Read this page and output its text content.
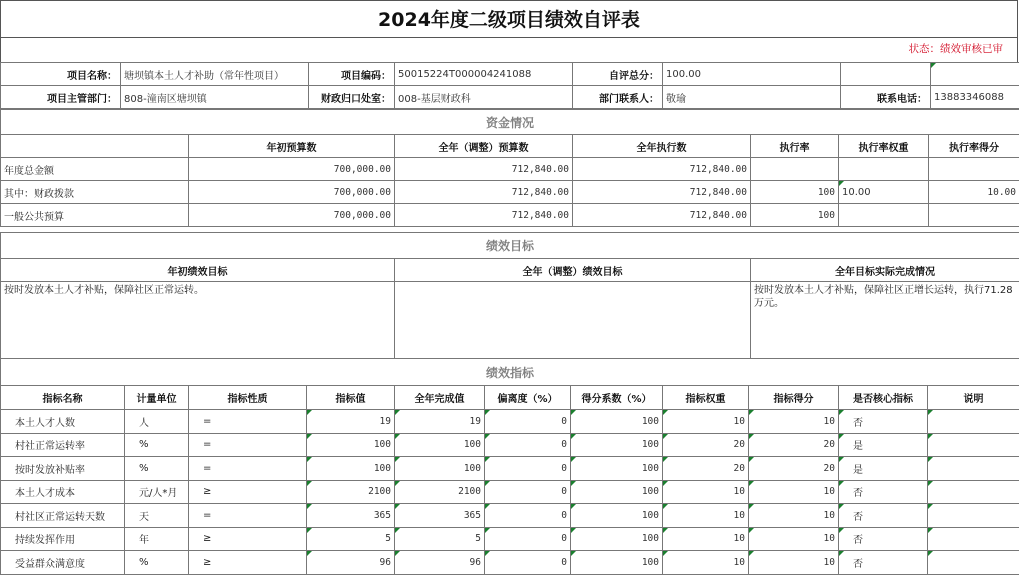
2024年度二级项目绩效自评表
状态：绩效审核已审
项目名称：	塘坝镇本土人才补助（常年性项目）	项目编码：	50015224T000004241088	自评总分：	100.00		
项目主管部门：	808-潼南区塘坝镇	财政归口处室：	008-基层财政科	部门联系人：	敬瑜	联系电话：	13883346088
资金情况						
	年初预算数	全年（调整）预算数	全年执行数	执行率	执行率权重	执行率得分
年度总金额	700,000.00	712,840.00	712,840.00			
其中：财政拨款	700,000.00	712,840.00	712,840.00	100	10.00	10.00
一般公共预算	700,000.00	712,840.00	712,840.00	100		
绩效目标		
年初绩效目标	全年（调整）绩效目标	全年目标实际完成情况
按时发放本土人才补贴，保障社区正常运转。		按时发放本土人才补贴，保障社区正增长运转，执行71.28万元。
绩效指标										
指标名称	计量单位	指标性质	指标值	全年完成值	偏离度（%）	得分系数（%）	指标权重	指标得分	是否核心指标	说明
本土人才人数	人	=	19	19	0	100	10	10	否	
村社正常运转率	%	=	100	100	0	100	20	20	是	
按时发放补贴率	%	=	100	100	0	100	20	20	是	
本土人才成本	元/人*月	≥	2100	2100	0	100	10	10	否	
村社区正常运转天数	天	=	365	365	0	100	10	10	否	
持续发挥作用	年	≥	5	5	0	100	10	10	否	
受益群众满意度	%	≥	96	96	0	100	10	10	否	
